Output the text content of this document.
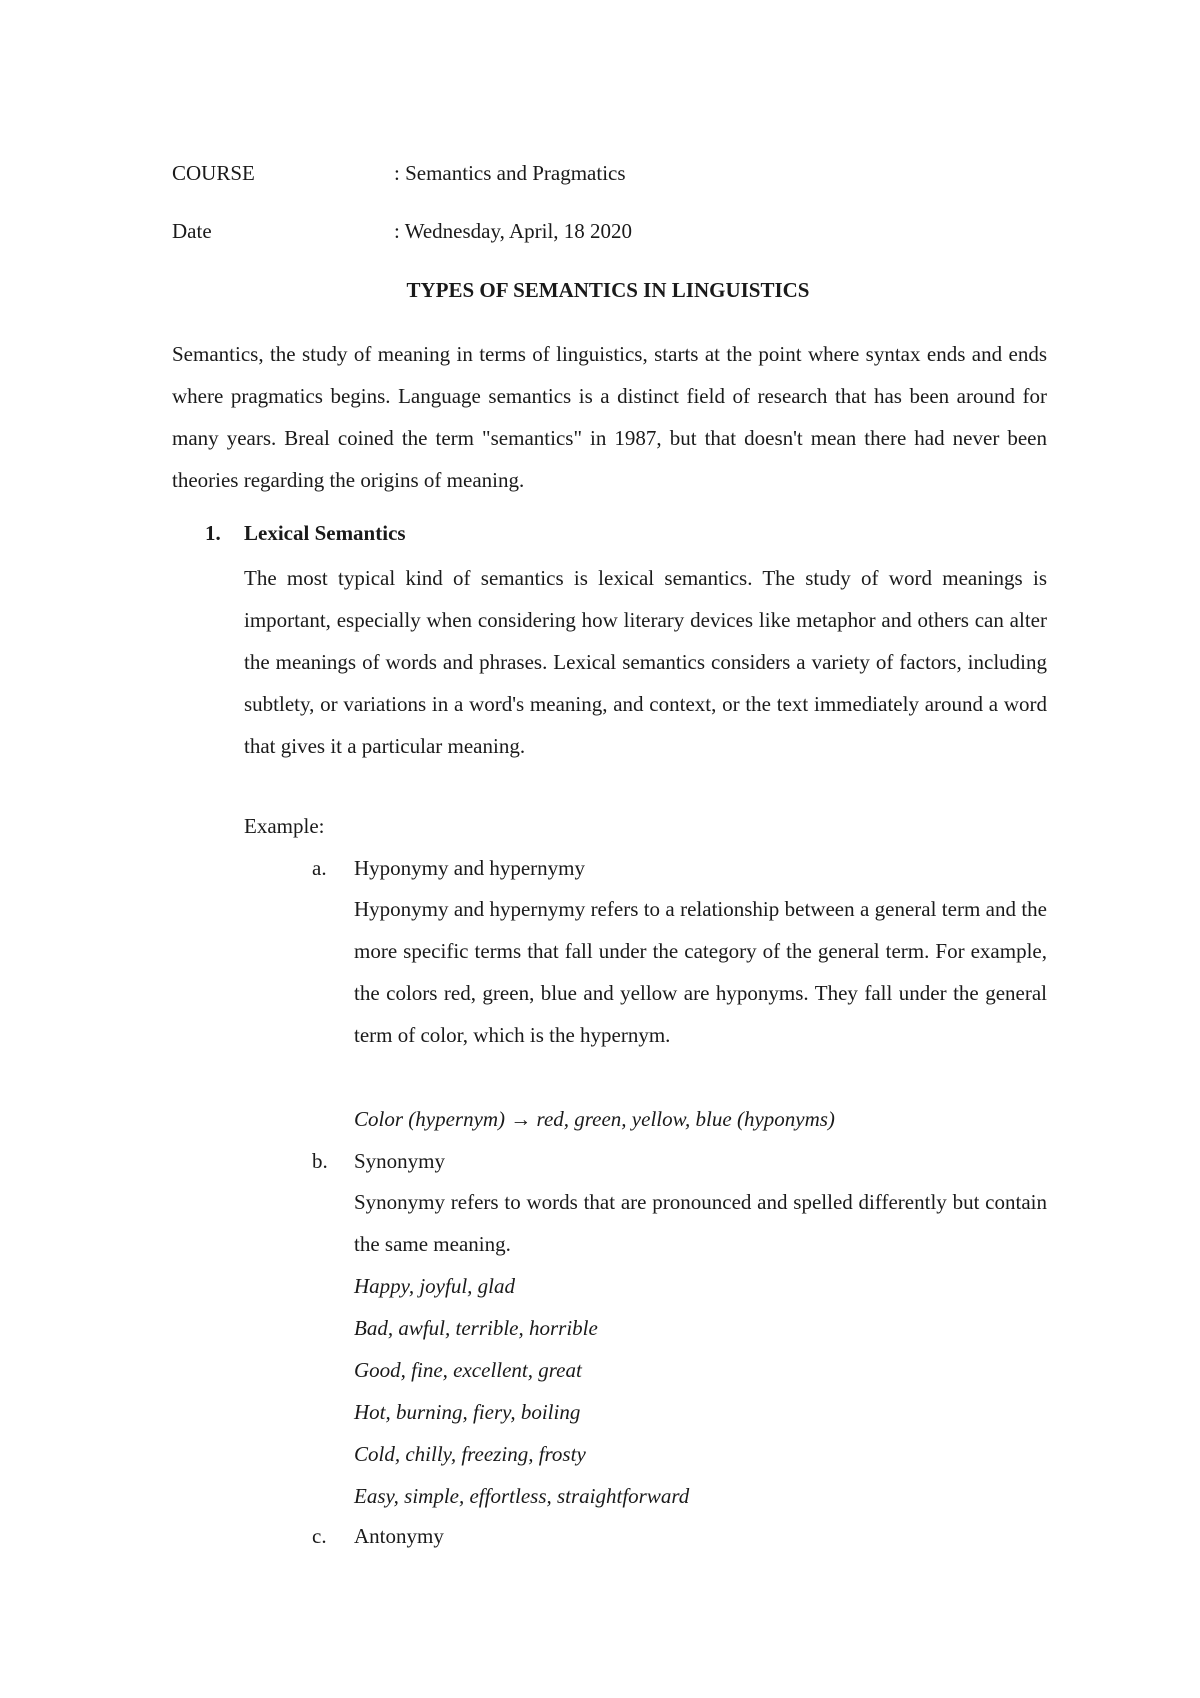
COURSE	: Semantics and Pragmatics
Date	: Wednesday, April, 18 2020
TYPES OF SEMANTICS IN LINGUISTICS

Semantics, the study of meaning in terms of linguistics, starts at the point where syntax ends and ends where pragmatics begins. Language semantics is a distinct field of research that has been around for many years. Breal coined the term "semantics" in 1987, but that doesn't mean there had never been theories regarding the origins of meaning.

1. Lexical Semantics

The most typical kind of semantics is lexical semantics. The study of word meanings is important, especially when considering how literary devices like metaphor and others can alter the meanings of words and phrases. Lexical semantics considers a variety of factors, including subtlety, or variations in a word's meaning, and context, or the text immediately around a word that gives it a particular meaning.

Example:
a. Hyponymy and hypernymy

Hyponymy and hypernymy refers to a relationship between a general term and the more specific terms that fall under the category of the general term. For example, the colors red, green, blue and yellow are hyponyms. They fall under the general term of color, which is the hypernym.

Color (hypernym) → red, green, yellow, blue (hyponyms)
b. Synonymy

Synonymy refers to words that are pronounced and spelled differently but contain the same meaning.

Happy, joyful, glad
Bad, awful, terrible, horrible
Good, fine, excellent, great
Hot, burning, fiery, boiling
Cold, chilly, freezing, frosty
Easy, simple, effortless, straightforward
c. Antonymy
